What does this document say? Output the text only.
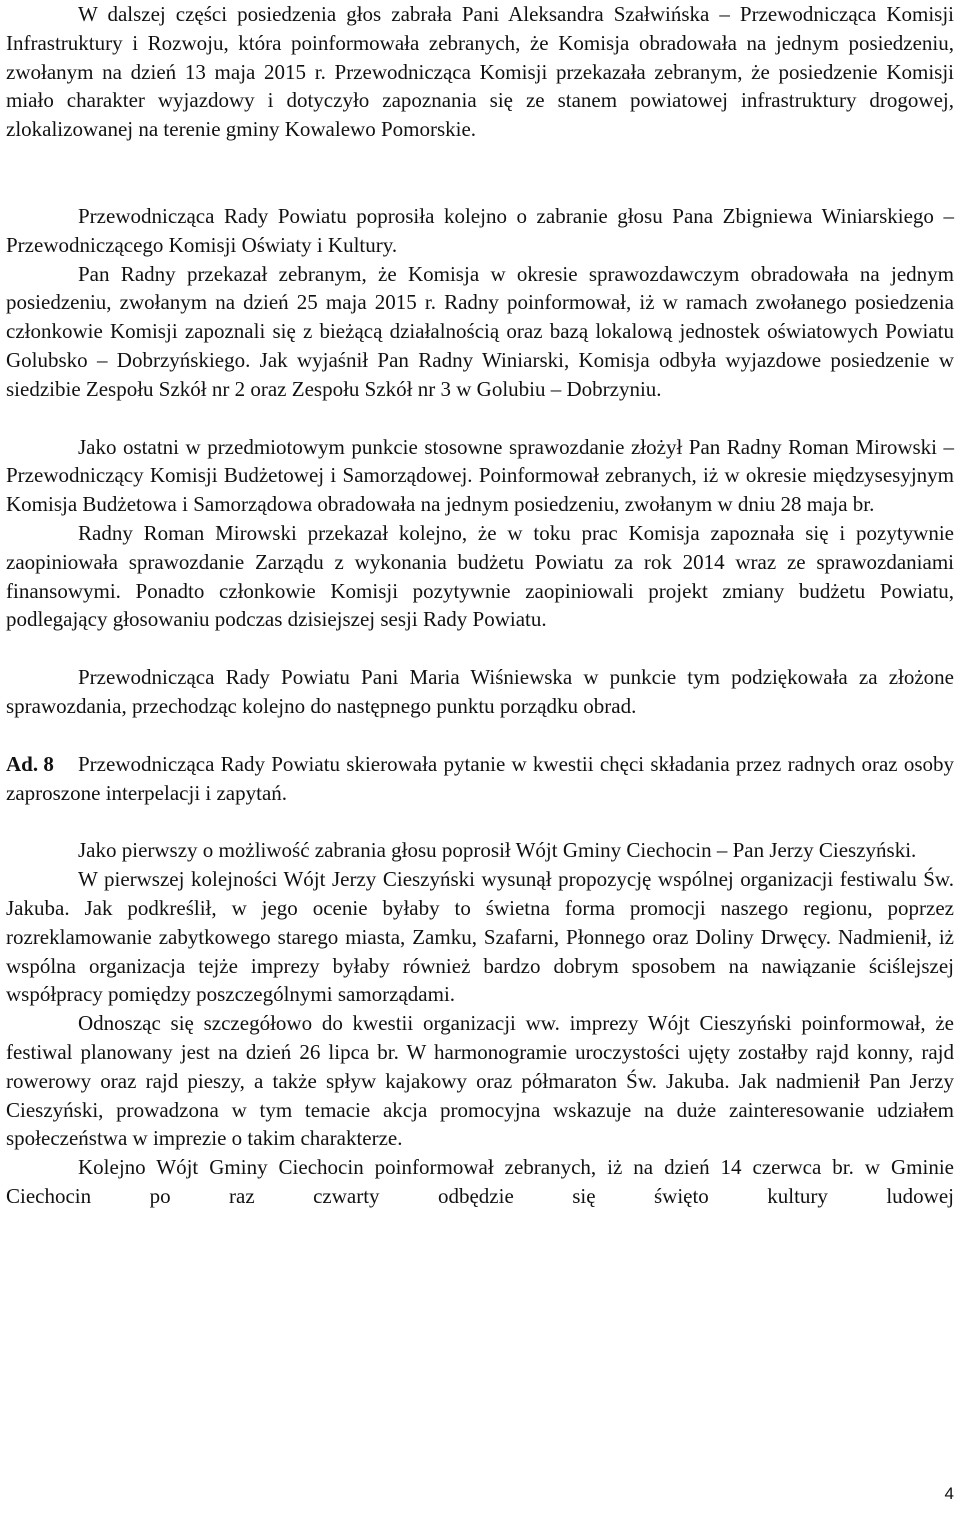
W dalszej części posiedzenia głos zabrała Pani Aleksandra Szałwińska – Przewodnicząca Komisji Infrastruktury i Rozwoju, która poinformowała zebranych, że Komisja obradowała na jednym posiedzeniu, zwołanym na dzień 13 maja 2015 r. Przewodnicząca Komisji przekazała zebranym, że posiedzenie Komisji miało charakter wyjazdowy i dotyczyło zapoznania się ze stanem powiatowej infrastruktury drogowej, zlokalizowanej na terenie gminy Kowalewo Pomorskie.

Przewodnicząca Rady Powiatu poprosiła kolejno o zabranie głosu Pana Zbigniewa Winiarskiego – Przewodniczącego Komisji Oświaty i Kultury.

Pan Radny przekazał zebranym, że Komisja w okresie sprawozdawczym obradowała na jednym posiedzeniu, zwołanym na dzień 25 maja 2015 r. Radny poinformował, iż w ramach zwołanego posiedzenia członkowie Komisji zapoznali się z bieżącą działalnością oraz bazą lokalową jednostek oświatowych Powiatu Golubsko – Dobrzyńskiego. Jak wyjaśnił Pan Radny Winiarski, Komisja odbyła wyjazdowe posiedzenie w siedzibie Zespołu Szkół nr 2 oraz Zespołu Szkół nr 3 w Golubiu – Dobrzyniu.

Jako ostatni w przedmiotowym punkcie stosowne sprawozdanie złożył Pan Radny Roman Mirowski – Przewodniczący Komisji Budżetowej i Samorządowej. Poinformował zebranych, iż w okresie międzysesyjnym Komisja Budżetowa i Samorządowa obradowała na jednym posiedzeniu, zwołanym w dniu 28 maja br.

Radny Roman Mirowski przekazał kolejno, że w toku prac Komisja zapoznała się i pozytywnie zaopiniowała sprawozdanie Zarządu z wykonania budżetu Powiatu za rok 2014 wraz ze sprawozdaniami finansowymi. Ponadto członkowie Komisji pozytywnie zaopiniowali projekt zmiany budżetu Powiatu, podlegający głosowaniu podczas dzisiejszej sesji Rady Powiatu.

Przewodnicząca Rady Powiatu Pani Maria Wiśniewska w punkcie tym podziękowała za złożone sprawozdania, przechodząc kolejno do następnego punktu porządku obrad.

Ad. 8 Przewodnicząca Rady Powiatu skierowała pytanie w kwestii chęci składania przez radnych oraz osoby zaproszone interpelacji i zapytań.

Jako pierwszy o możliwość zabrania głosu poprosił Wójt Gminy Ciechocin – Pan Jerzy Cieszyński.

W pierwszej kolejności Wójt Jerzy Cieszyński wysunął propozycję wspólnej organizacji festiwalu Św. Jakuba. Jak podkreślił, w jego ocenie byłaby to świetna forma promocji naszego regionu, poprzez rozreklamowanie zabytkowego starego miasta, Zamku, Szafarni, Płonnego oraz Doliny Drwęcy. Nadmienił, iż wspólna organizacja tejże imprezy byłaby również bardzo dobrym sposobem na nawiązanie ściślejszej współpracy pomiędzy poszczególnymi samorządami.

Odnosząc się szczegółowo do kwestii organizacji ww. imprezy Wójt Cieszyński poinformował, że festiwal planowany jest na dzień 26 lipca br. W harmonogramie uroczystości ujęty zostałby rajd konny, rajd rowerowy oraz rajd pieszy, a także spływ kajakowy oraz półmaraton Św. Jakuba. Jak nadmienił Pan Jerzy Cieszyński, prowadzona w tym temacie akcja promocyjna wskazuje na duże zainteresowanie udziałem społeczeństwa w imprezie o takim charakterze.

Kolejno Wójt Gminy Ciechocin poinformował zebranych, iż na dzień 14 czerwca br. w Gminie Ciechocin po raz czwarty odbędzie się święto kultury ludowej

4
